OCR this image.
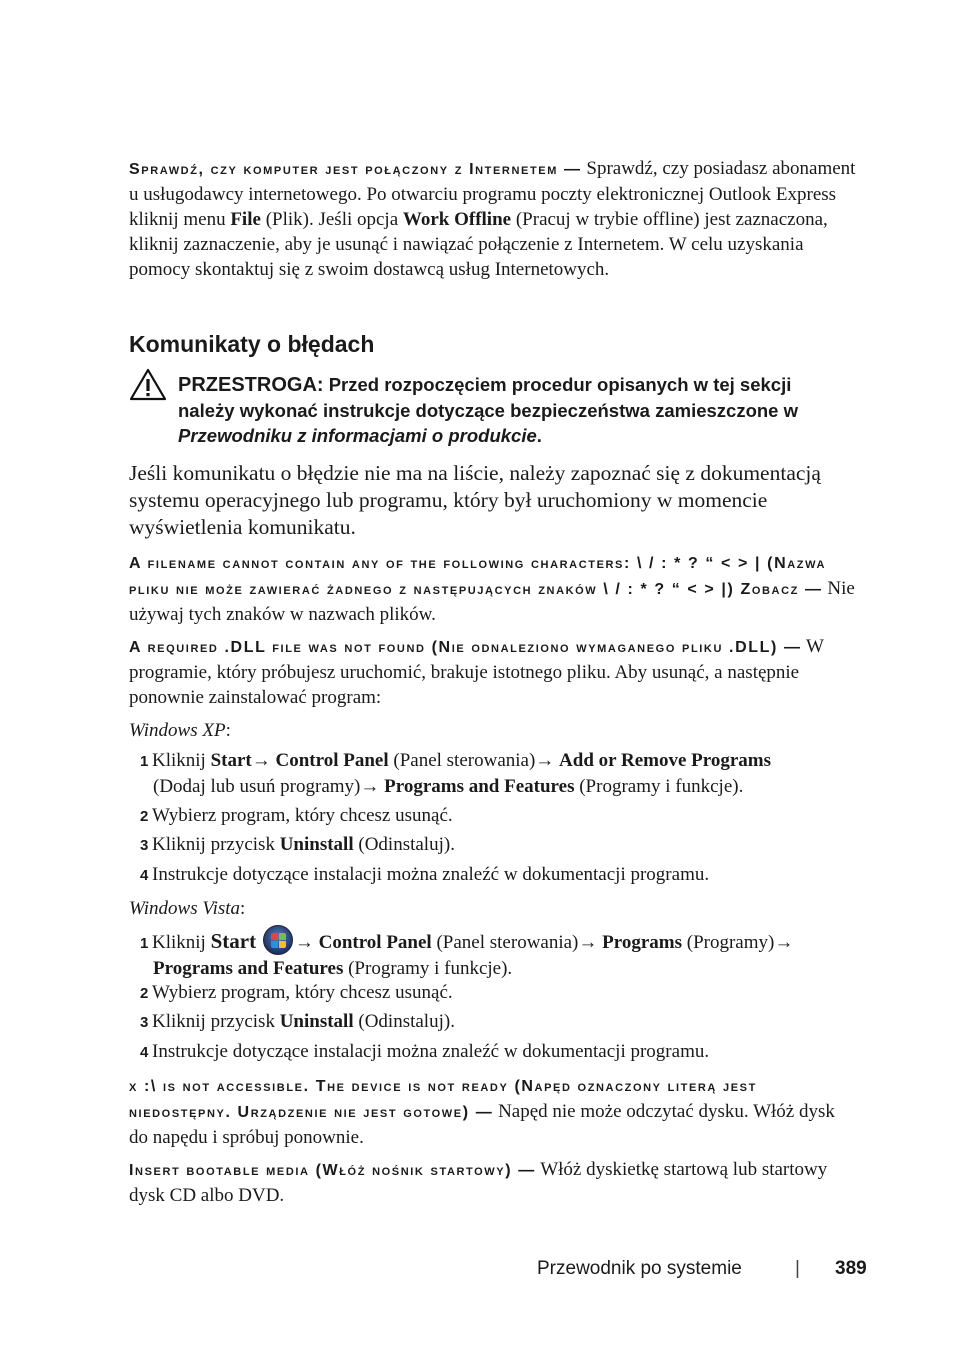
Sprawdź, czy komputer jest połączony z Internetem — Sprawdź, czy posiadasz abonament u usługodawcy internetowego. Po otwarciu programu poczty elektronicznej Outlook Express kliknij menu File (Plik). Jeśli opcja Work Offline (Pracuj w trybie offline) jest zaznaczona, kliknij zaznaczenie, aby je usunąć i nawiązać połączenie z Internetem. W celu uzyskania pomocy skontaktuj się z swoim dostawcą usług Internetowych.

Komunikaty o błędach
PRZESTROGA: Przed rozpoczęciem procedur opisanych w tej sekcji należy wykonać instrukcje dotyczące bezpieczeństwa zamieszczone w Przewodniku z informacjami o produkcie.
Jeśli komunikatu o błędzie nie ma na liście, należy zapoznać się z dokumentacją systemu operacyjnego lub programu, który był uruchomiony w momencie wyświetlenia komunikatu.

A filename cannot contain any of the following characters: \ / : * ? “ < > | (Nazwa pliku nie może zawierać żadnego z następujących znaków \ / : * ? “ < > |) Zobacz — Nie używaj tych znaków w nazwach plików.

A required .DLL file was not found (Nie odnaleziono wymaganego pliku .DLL) — W programie, który próbujesz uruchomić, brakuje istotnego pliku. Aby usunąć, a następnie ponownie zainstalować program:

Windows XP:
1 Kliknij Start→ Control Panel (Panel sterowania)→ Add or Remove Programs
(Dodaj lub usuń programy)→ Programs and Features (Programy i funkcje).
2 Wybierz program, który chcesz usunąć.
3 Kliknij przycisk Uninstall (Odinstaluj).
4 Instrukcje dotyczące instalacji można znaleźć w dokumentacji programu.
Windows Vista:
1 Kliknij Start → Control Panel (Panel sterowania)→ Programs (Programy)→
Programs and Features (Programy i funkcje).
2 Wybierz program, który chcesz usunąć.
3 Kliknij przycisk Uninstall (Odinstaluj).
4 Instrukcje dotyczące instalacji można znaleźć w dokumentacji programu.

x :\ is not accessible. The device is not ready (Napęd oznaczony literą jest niedostępny. Urządzenie nie jest gotowe) — Napęd nie może odczytać dysku. Włóż dysk do napędu i spróbuj ponownie.

Insert bootable media (Włóż nośnik startowy) — Włóż dyskietkę startową lub startowy dysk CD albo DVD.

Przewodnik po systemie	| 389
